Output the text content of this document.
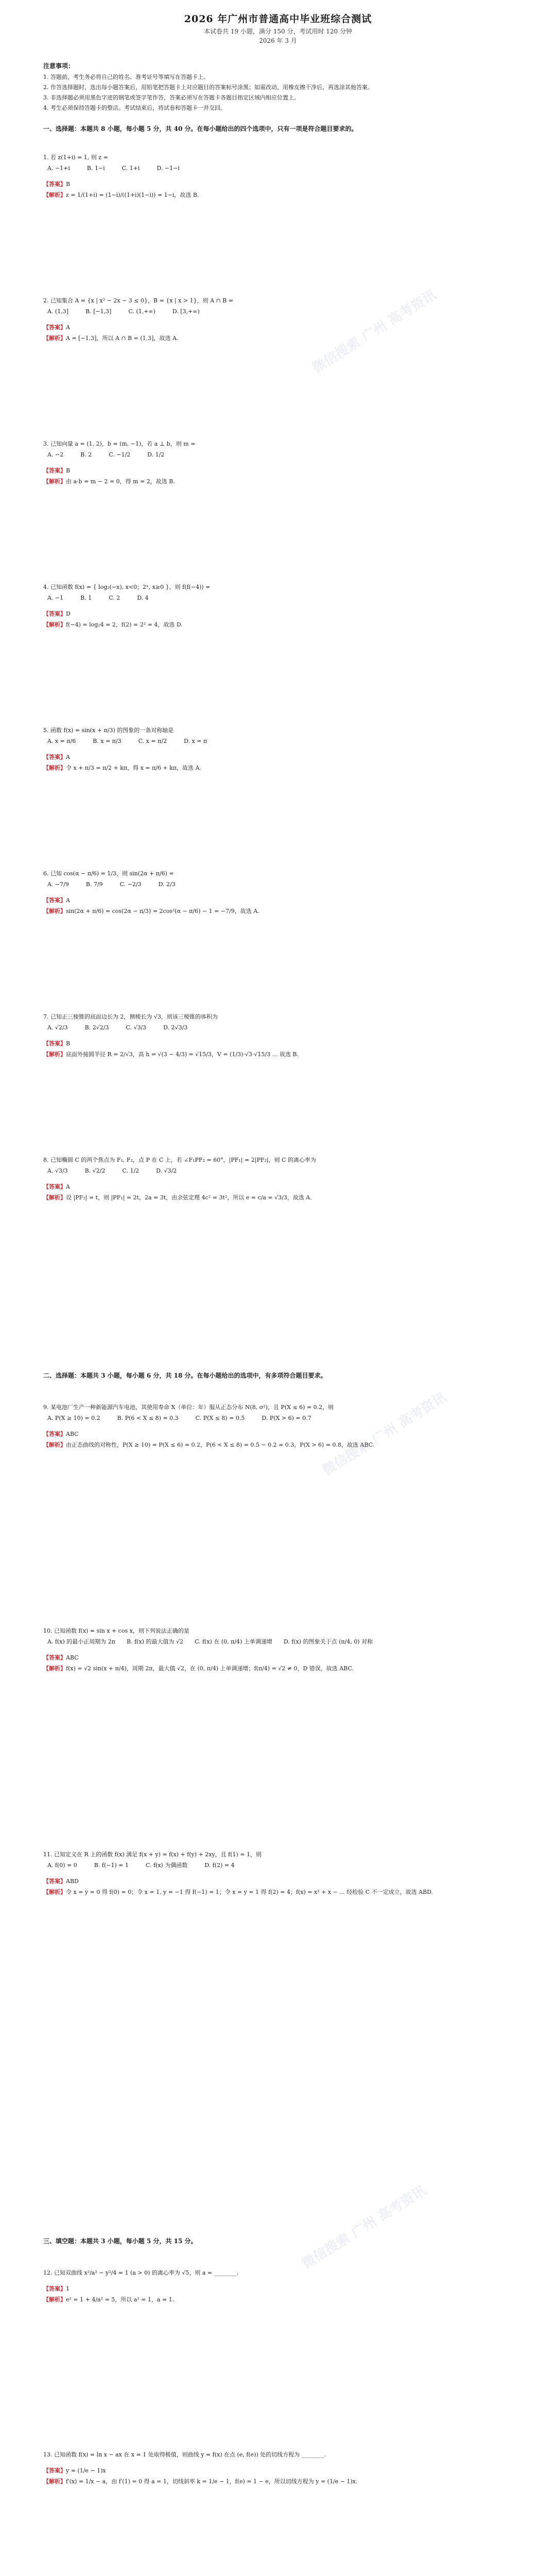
2026 年广州市普通高中毕业班综合测试
本试卷共 19 小题，满分 150 分，考试用时 120 分钟
2026 年 3 月
注意事项：
1. 答题前，考生务必将自己的姓名、准考证号等填写在答题卡上。
2. 作答选择题时，选出每小题答案后，用铅笔把答题卡上对应题目的答案标号涂黑；如需改动，用橡皮擦干净后，再选涂其他答案。
3. 非选择题必须用黑色字迹的钢笔或签字笔作答，答案必须写在答题卡各题目指定区域内相应位置上。
4. 考生必须保持答题卡的整洁。考试结束后，将试卷和答题卡一并交回。
一、选择题：本题共 8 小题，每小题 5 分，共 40 分。在每小题给出的四个选项中，只有一项是符合题目要求的。
1. 若 z(1+i) = 1, 则 z =
A. −1+i　　　B. 1−i　　　C. 1+i　　　D. −1−i
【答案】B
【解析】z = 1/(1+i) = (1−i)/((1+i)(1−i)) = 1−i，故选 B.
2. 已知集合 A = {x | x² − 2x − 3 ≤ 0}，B = {x | x > 1}，则 A ∩ B =
A. (1,3]　　　B. [−1,3]　　　C. (1,+∞)　　　D. [3,+∞)
【答案】A
【解析】A = [−1,3]，所以 A ∩ B = (1,3]，故选 A.
3. 已知向量 a = (1, 2)，b = (m, −1)，若 a ⊥ b，则 m =
A. −2　　　B. 2　　　C. −1/2　　　D. 1/2
【答案】B
【解析】由 a·b = m − 2 = 0，得 m = 2，故选 B.
4. 已知函数 f(x) = { log₂(−x), x<0；2ˣ, x≥0 }，则 f(f(−4)) =
A. −1　　　B. 1　　　C. 2　　　D. 4
【答案】D
【解析】f(−4) = log₂4 = 2，f(2) = 2² = 4，故选 D.
5. 函数 f(x) = sin(x + π/3) 的图象的一条对称轴是
A. x = π/6　　　B. x = π/3　　　C. x = π/2　　　D. x = π
【答案】A
【解析】令 x + π/3 = π/2 + kπ，得 x = π/6 + kπ，故选 A.
6. 已知 cos(α − π/6) = 1/3，则 sin(2α + π/6) =
A. −7/9　　　B. 7/9　　　C. −2/3　　　D. 2/3
【答案】A
【解析】sin(2α + π/6) = cos(2α − π/3) = 2cos²(α − π/6) − 1 = −7/9，故选 A.
7. 已知正三棱锥的底面边长为 2，侧棱长为 √3，则该三棱锥的体积为
A. √2/3　　　B. 2√2/3　　　C. √3/3　　　D. 2√3/3
【答案】B
【解析】底面外接圆半径 R = 2/√3，高 h = √(3 − 4/3) = √15/3，V = (1/3)·√3·√15/3 … 故选 B.
8. 已知椭圆 C 的两个焦点为 F₁, F₂，点 P 在 C 上，若 ∠F₁PF₂ = 60°，|PF₁| = 2|PF₂|，则 C 的离心率为
A. √3/3　　　B. √2/2　　　C. 1/2　　　D. √3/2
【答案】A
【解析】设 |PF₂| = t，则 |PF₁| = 2t，2a = 3t，由余弦定理 4c² = 3t²，所以 e = c/a = √3/3，故选 A.
二、选择题：本题共 3 小题，每小题 6 分，共 18 分。在每小题给出的选项中，有多项符合题目要求。
9. 某电池厂生产一种新能源汽车电池，其使用寿命 X（单位：年）服从正态分布 N(8, σ²)，且 P(X ≤ 6) = 0.2，则
A. P(X ≥ 10) = 0.2　　　B. P(6 < X ≤ 8) = 0.3　　　C. P(X ≤ 8) = 0.5　　　D. P(X > 6) = 0.7
【答案】ABC
【解析】由正态曲线的对称性，P(X ≥ 10) = P(X ≤ 6) = 0.2，P(6 < X ≤ 8) = 0.5 − 0.2 = 0.3，P(X > 6) = 0.8，故选 ABC.
10. 已知函数 f(x) = sin x + cos x，则下列说法正确的是
A. f(x) 的最小正周期为 2π　　B. f(x) 的最大值为 √2　　C. f(x) 在 (0, π/4) 上单调递增　　D. f(x) 的图象关于点 (π/4, 0) 对称
【答案】ABC
【解析】f(x) = √2 sin(x + π/4)，周期 2π，最大值 √2，在 (0, π/4) 上单调递增；f(π/4) = √2 ≠ 0，D 错误，故选 ABC.
11. 已知定义在 R 上的函数 f(x) 满足 f(x + y) = f(x) + f(y) + 2xy，且 f(1) = 1，则
A. f(0) = 0　　　B. f(−1) = 1　　　C. f(x) 为偶函数　　　D. f(2) = 4
【答案】ABD
【解析】令 x = y = 0 得 f(0) = 0；令 x = 1, y = −1 得 f(−1) = 1；令 x = y = 1 得 f(2) = 4；f(x) = x² + x − ... 经检验 C 不一定成立，故选 ABD.
三、填空题：本题共 3 小题，每小题 5 分，共 15 分。
12. 已知双曲线 x²/a² − y²/4 = 1 (a > 0) 的离心率为 √5，则 a = ________.
【答案】1
【解析】e² = 1 + 4/a² = 5，所以 a² = 1，a = 1.
13. 已知函数 f(x) = ln x − ax 在 x = 1 处取得极值，则曲线 y = f(x) 在点 (e, f(e)) 处的切线方程为 ________.
【答案】y = (1/e − 1)x
【解析】f′(x) = 1/x − a，由 f′(1) = 0 得 a = 1，切线斜率 k = 1/e − 1，f(e) = 1 − e，所以切线方程为 y = (1/e − 1)x.
微信搜索 广州 高考资讯
微信搜索 广州 高考资讯
微信搜索 广州 高考资讯
